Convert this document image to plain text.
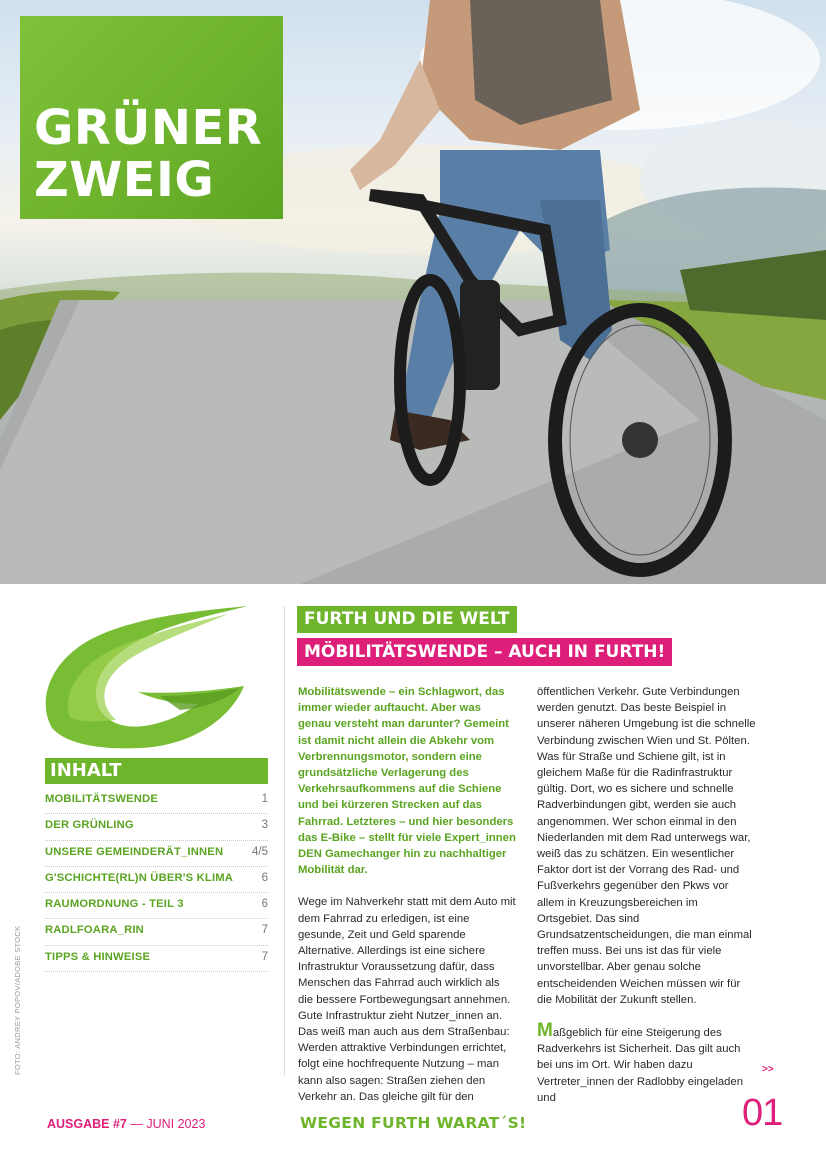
GRÜNER
ZWEIG
INHALT
MOBILITÄTSWENDE	1
DER GRÜNLING	3
UNSERE GEMEINDERÄT_INNEN	4/5
G'SCHICHTE(RL)N ÜBER'S KLIMA 6
RAUMORDNUNG - TEIL 3	6
RADLFOARA_RIN	7
TIPPS & HINWEISE	7
FOTO: ANDREY POPOV/ADOBE STOCK
FURTH UND DIE WELT
MÖBILITÄTSWENDE – AUCH IN FURTH!

Mobilitätswende – ein Schlagwort, das immer wieder auftaucht. Aber was genau versteht man darunter? Gemeint ist damit nicht allein die Abkehr vom Verbrennungsmotor, sondern eine grundsätzliche Verlagerung des Verkehrsaufkommens auf die Schiene und bei kürzeren Strecken auf das Fahrrad. Letzteres – und hier besonders das E-Bike – stellt für viele Expert_innen DEN Gamechanger hin zu nachhaltiger Mobilität dar.

Wege im Nahverkehr statt mit dem Auto mit dem Fahrrad zu erledigen, ist eine gesunde, Zeit und Geld sparende Alternative. Allerdings ist eine sichere Infrastruktur Voraussetzung dafür, dass Menschen das Fahrrad auch wirklich als die bessere Fortbewegungsart annehmen. Gute Infrastruktur zieht Nutzer_innen an. Das weiß man auch aus dem Straßenbau: Werden attraktive Verbindungen errichtet, folgt eine hochfrequente Nutzung – man kann also sagen: Straßen ziehen den Verkehr an. Das gleiche gilt für den

öffentlichen Verkehr. Gute Verbindungen werden genutzt. Das beste Beispiel in unserer näheren Umgebung ist die schnelle Verbindung zwischen Wien und St. Pölten. Was für Straße und Schiene gilt, ist in gleichem Maße für die Radinfrastruktur gültig. Dort, wo es sichere und schnelle Radverbindungen gibt, werden sie auch angenommen. Wer schon einmal in den Niederlanden mit dem Rad unterwegs war, weiß das zu schätzen. Ein wesentlicher Faktor dort ist der Vorrang des Rad- und Fußverkehrs gegenüber den Pkws vor allem in Kreuzungsbereichen im Ortsgebiet. Das sind Grundsatzentscheidungen, die man einmal treffen muss. Bei uns ist das für viele unvorstellbar. Aber genau solche entscheidenden Weichen müssen wir für die Mobilität der Zukunft stellen.

Maßgeblich für eine Steigerung des Radverkehrs ist Sicherheit. Das gilt auch bei uns im Ort. Wir haben dazu Vertreter_innen der Radlobby eingeladen und

>>
AUSGABE #7 — JUNI 2023	WEGEN FURTH WARAT´S!	01
